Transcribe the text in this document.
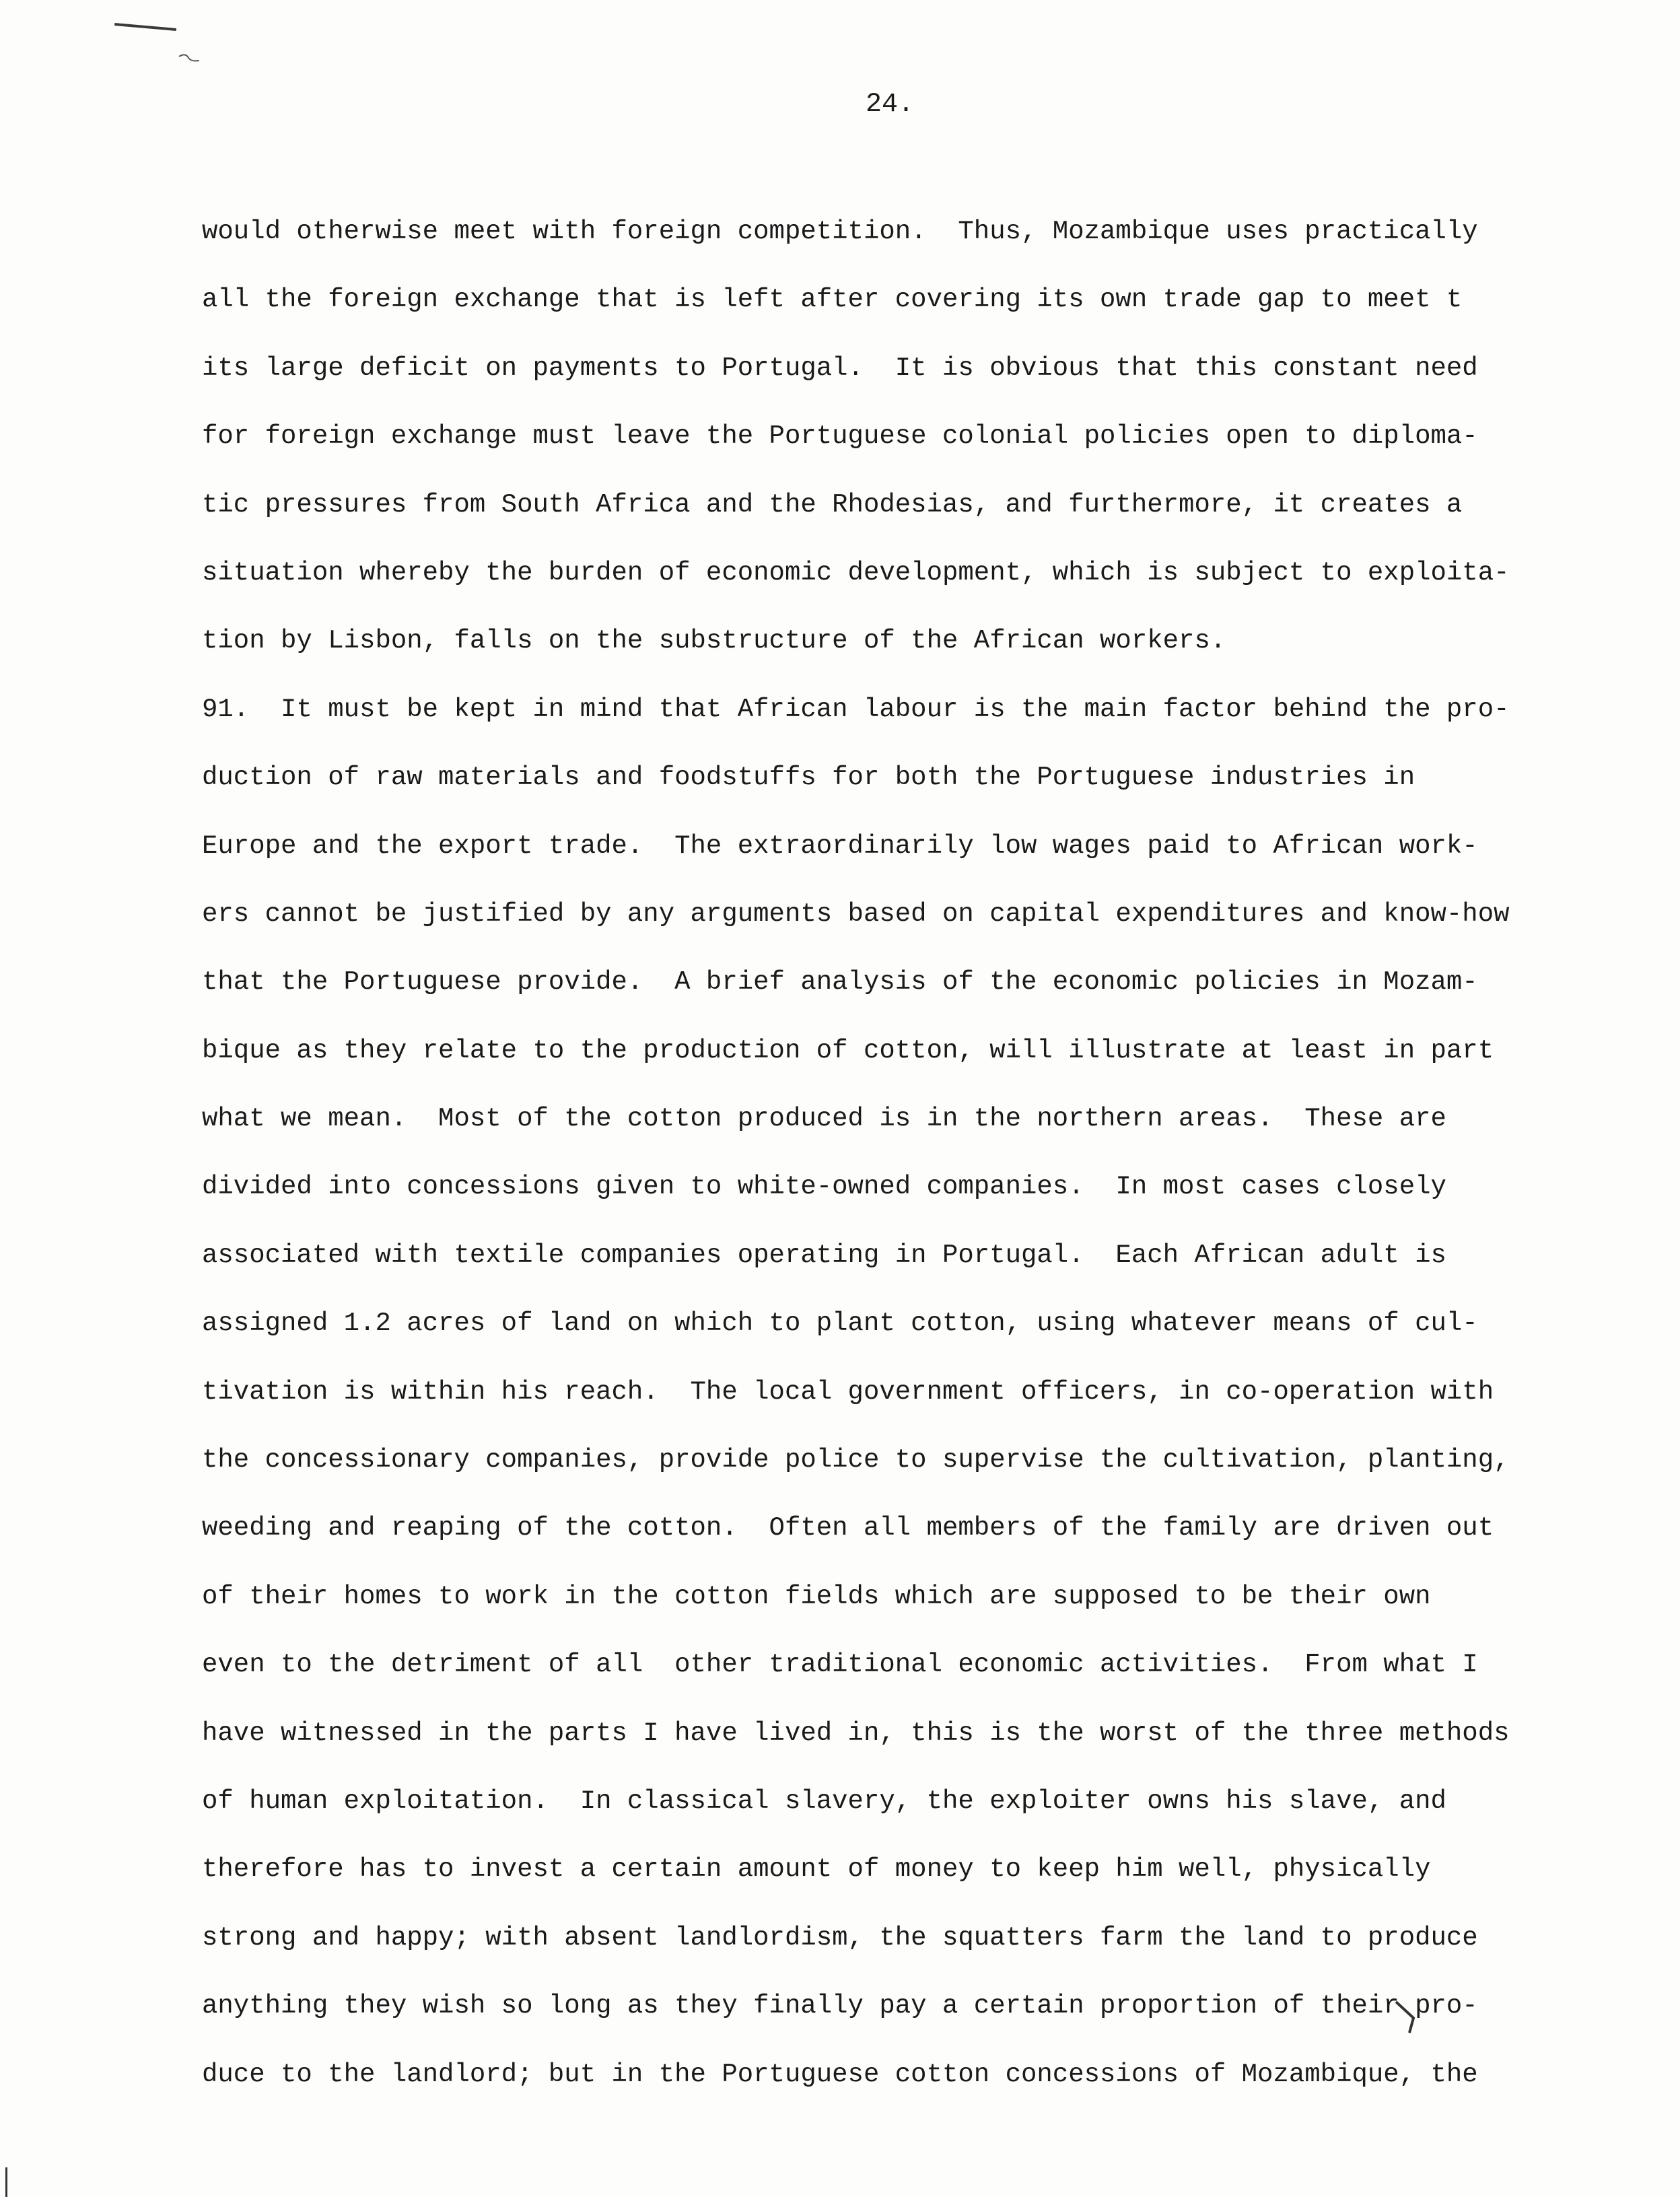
24.

would otherwise meet with foreign competition.  Thus, Mozambique uses practically
all the foreign exchange that is left after covering its own trade gap to meet t
its large deficit on payments to Portugal.  It is obvious that this constant need
for foreign exchange must leave the Portuguese colonial policies open to diploma-
tic pressures from South Africa and the Rhodesias, and furthermore, it creates a
situation whereby the burden of economic development, which is subject to exploita-
tion by Lisbon, falls on the substructure of the African workers.
91.  It must be kept in mind that African labour is the main factor behind the pro-
duction of raw materials and foodstuffs for both the Portuguese industries in
Europe and the export trade.  The extraordinarily low wages paid to African work-
ers cannot be justified by any arguments based on capital expenditures and know-how
that the Portuguese provide.  A brief analysis of the economic policies in Mozam-
bique as they relate to the production of cotton, will illustrate at least in part
what we mean.  Most of the cotton produced is in the northern areas.  These are
divided into concessions given to white-owned companies.  In most cases closely
associated with textile companies operating in Portugal.  Each African adult is
assigned 1.2 acres of land on which to plant cotton, using whatever means of cul-
tivation is within his reach.  The local government officers, in co-operation with
the concessionary companies, provide police to supervise the cultivation, planting,
weeding and reaping of the cotton.  Often all members of the family are driven out
of their homes to work in the cotton fields which are supposed to be their own
even to the detriment of all  other traditional economic activities.  From what I
have witnessed in the parts I have lived in, this is the worst of the three methods
of human exploitation.  In classical slavery, the exploiter owns his slave, and
therefore has to invest a certain amount of money to keep him well, physically
strong and happy; with absent landlordism, the squatters farm the land to produce
anything they wish so long as they finally pay a certain proportion of their pro-
duce to the landlord; but in the Portuguese cotton concessions of Mozambique, the
